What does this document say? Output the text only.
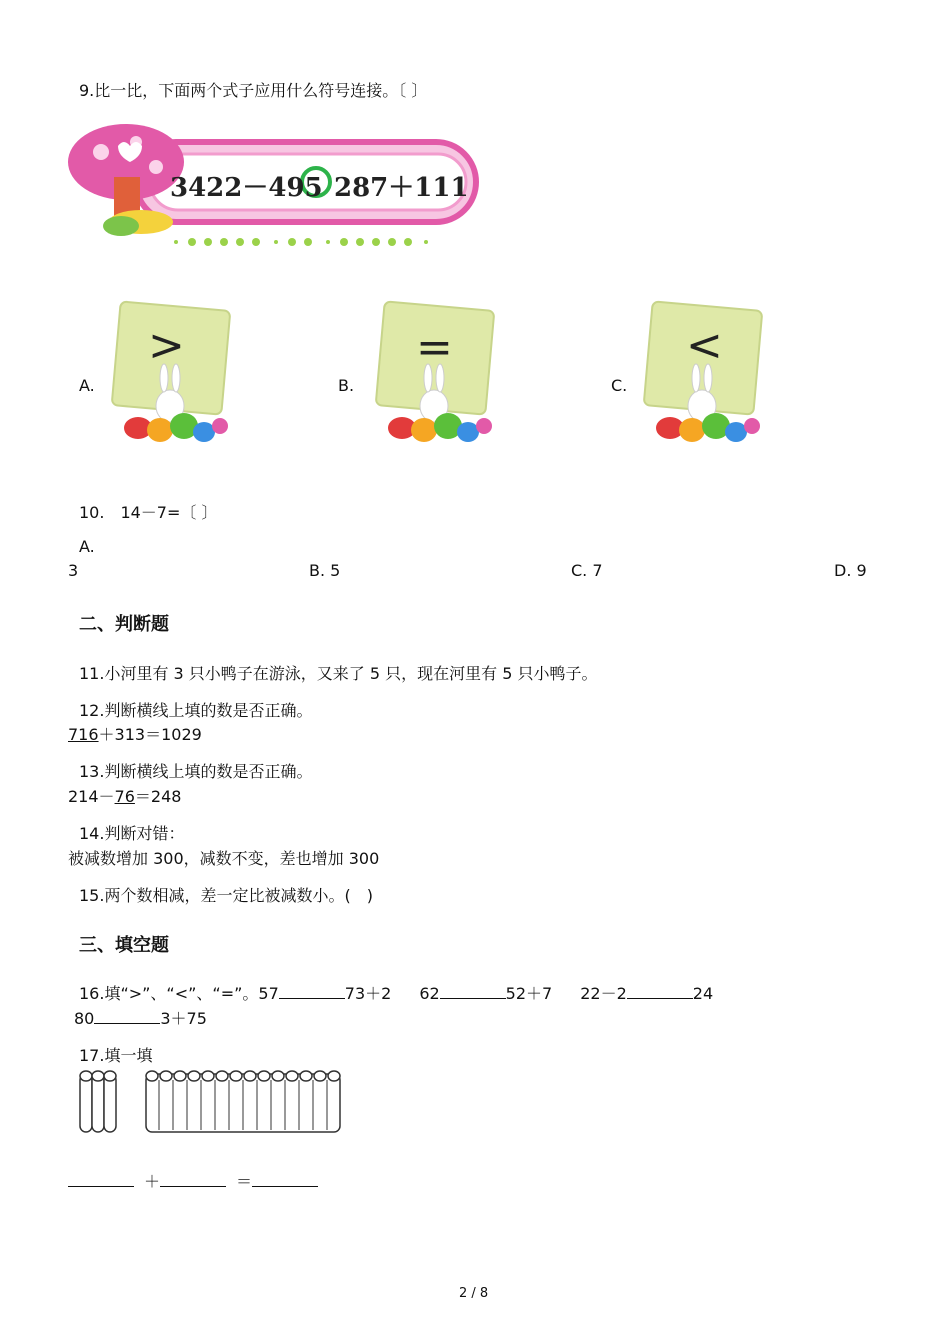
9.比一比，下面两个式子应用什么符号连接。〔 〕
3422－495 287＋111
A.
>
B.
=
C.
<
10.　14－7=〔 〕
A.
3	B. 5	C. 7	D. 9
二、判断题
11.小河里有 3 只小鸭子在游泳，又来了 5 只，现在河里有 5 只小鸭子。
12.判断横线上填的数是否正确。
716＋313＝1029
13.判断横线上填的数是否正确。
214－76＝248
14.判断对错：
被减数增加 300，减数不变，差也增加 300
15.两个数相减，差一定比被减数小。(　)
三、填空题
16.填“>”、“<”、“=”。57	73＋2 62	52＋7 22－2	24
80	3＋75
17.填一填
＋	＝
2 / 8
